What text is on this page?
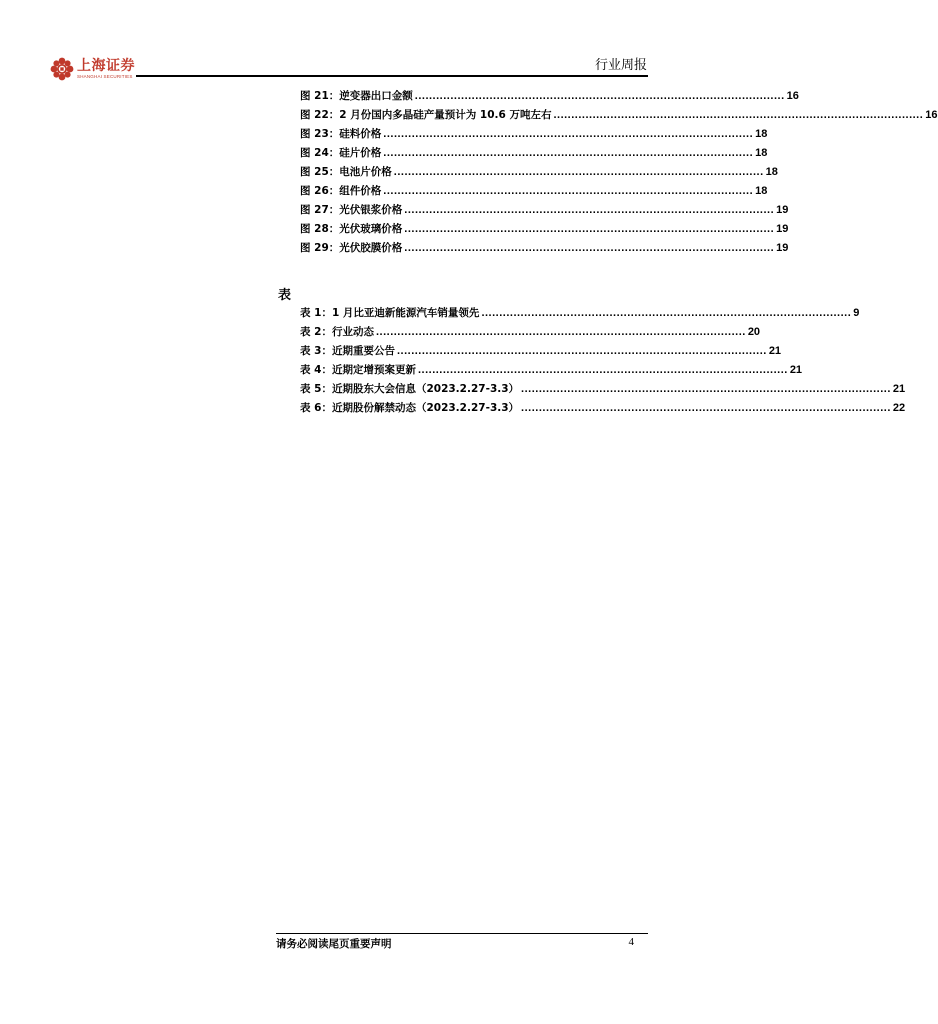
上海证券
SHANGHAI SECURITIES
行业周报
图 21：逆变器出口金额 ........................................................................................................ 16
图 22：2 月份国内多晶硅产量预计为 10.6 万吨左右 ........................................................................................................ 16
图 23：硅料价格 ........................................................................................................ 18
图 24：硅片价格 ........................................................................................................ 18
图 25：电池片价格 ........................................................................................................ 18
图 26：组件价格 ........................................................................................................ 18
图 27：光伏银浆价格 ........................................................................................................ 19
图 28：光伏玻璃价格 ........................................................................................................ 19
图 29：光伏胶膜价格 ........................................................................................................ 19
表
表 1：1 月比亚迪新能源汽车销量领先 ........................................................................................................ 9
表 2：行业动态 ........................................................................................................ 20
表 3：近期重要公告 ........................................................................................................ 21
表 4：近期定增预案更新 ........................................................................................................ 21
表 5：近期股东大会信息（2023.2.27-3.3） ........................................................................................................ 21
表 6：近期股份解禁动态（2023.2.27-3.3） ........................................................................................................ 22
请务必阅读尾页重要声明	4
